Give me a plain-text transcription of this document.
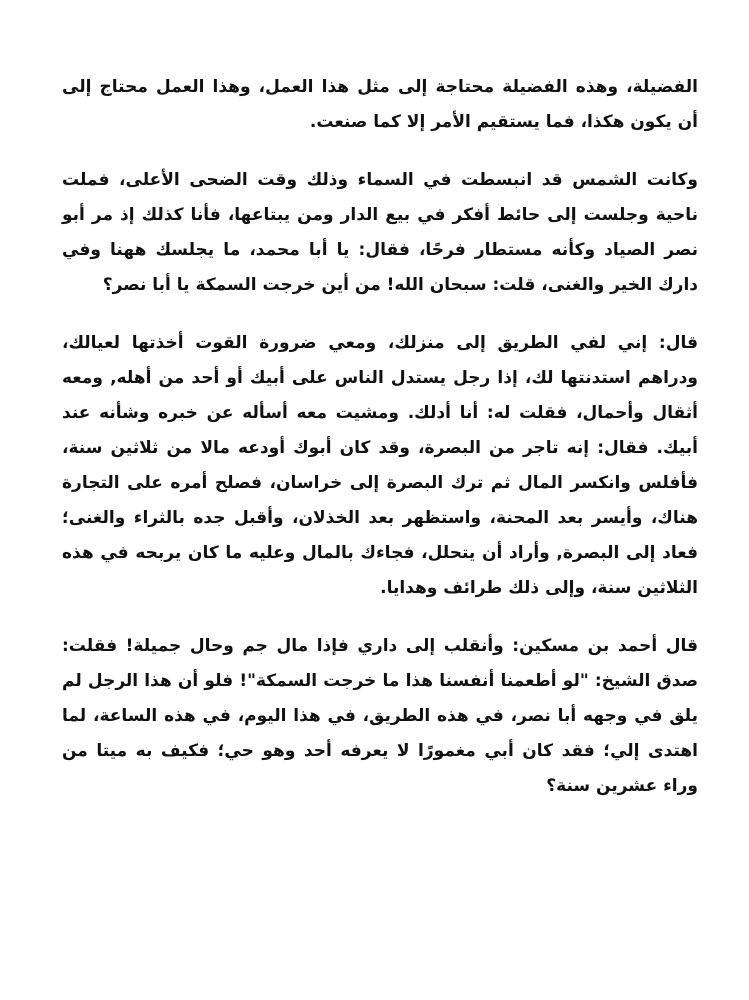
الفضيلة، وهذه الفضيلة محتاجة إلى مثل هذا العمل، وهذا العمل محتاج إلى أن يكون هكذا، فما يستقيم الأمر إلا كما صنعت.

وكانت الشمس قد انبسطت في السماء وذلك وقت الضحى الأعلى، فملت ناحية وجلست إلى حائط أفكر في بيع الدار ومن يبتاعها، فأنا كذلك إذ مر أبو نصر الصياد وكأنه مستطار فرحًا، فقال: يا أبا محمد، ما يجلسك ههنا وفي دارك الخير والغنى، قلت: سبحان الله! من أين خرجت السمكة يا أبا نصر؟

قال: إني لفي الطريق إلى منزلك، ومعي ضرورة القوت أخذتها لعيالك، ودراهم استدنتها لك، إذا رجل يستدل الناس على أبيك أو أحد من أهله, ومعه أثقال وأحمال، فقلت له: أنا أدلك. ومشيت معه أسأله عن خبره وشأنه عند أبيك. فقال: إنه تاجر من البصرة، وقد كان أبوك أودعه مالا من ثلاثين سنة، فأفلس وانكسر المال ثم ترك البصرة إلى خراسان، فصلح أمره على التجارة هناك، وأيسر بعد المحنة، واستظهر بعد الخذلان، وأقبل جده بالثراء والغنى؛ فعاد إلى البصرة, وأراد أن يتحلل، فجاءك بالمال وعليه ما كان يربحه في هذه الثلاثين سنة، وإلى ذلك طرائف وهدايا.

قال أحمد بن مسكين: وأنقلب إلى داري فإذا مال جم وحال جميلة! فقلت: صدق الشيخ: "لو أطعمنا أنفسنا هذا ما خرجت السمكة"! فلو أن هذا الرجل لم يلق في وجهه أبا نصر، في هذه الطريق، في هذا اليوم، في هذه الساعة، لما اهتدى إلي؛ فقد كان أبي مغمورًا لا يعرفه أحد وهو حي؛ فكيف به ميتا من وراء عشرين سنة؟
